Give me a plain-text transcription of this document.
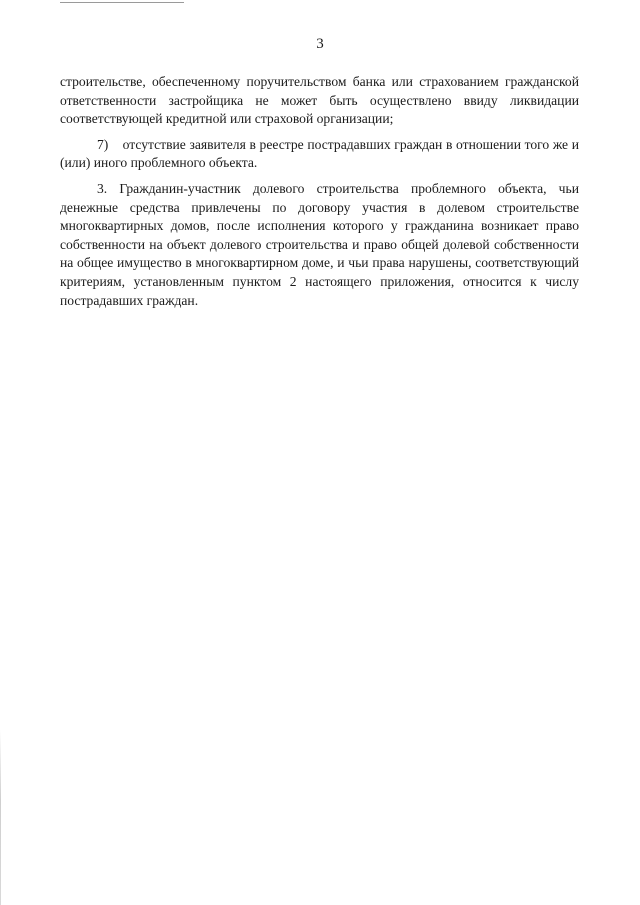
3

строительстве, обеспеченному поручительством банка или страхованием гражданской ответственности застройщика не может быть осуществлено ввиду ликвидации соответствующей кредитной или страховой организации;

7) отсутствие заявителя в реестре пострадавших граждан в отношении того же и (или) иного проблемного объекта.

3. Гражданин-участник долевого строительства проблемного объекта, чьи денежные средства привлечены по договору участия в долевом строительстве многоквартирных домов, после исполнения которого у гражданина возникает право собственности на объект долевого строительства и право общей долевой собственности на общее имущество в многоквартирном доме, и чьи права нарушены, соответствующий критериям, установленным пунктом 2 настоящего приложения, относится к числу пострадавших граждан.
